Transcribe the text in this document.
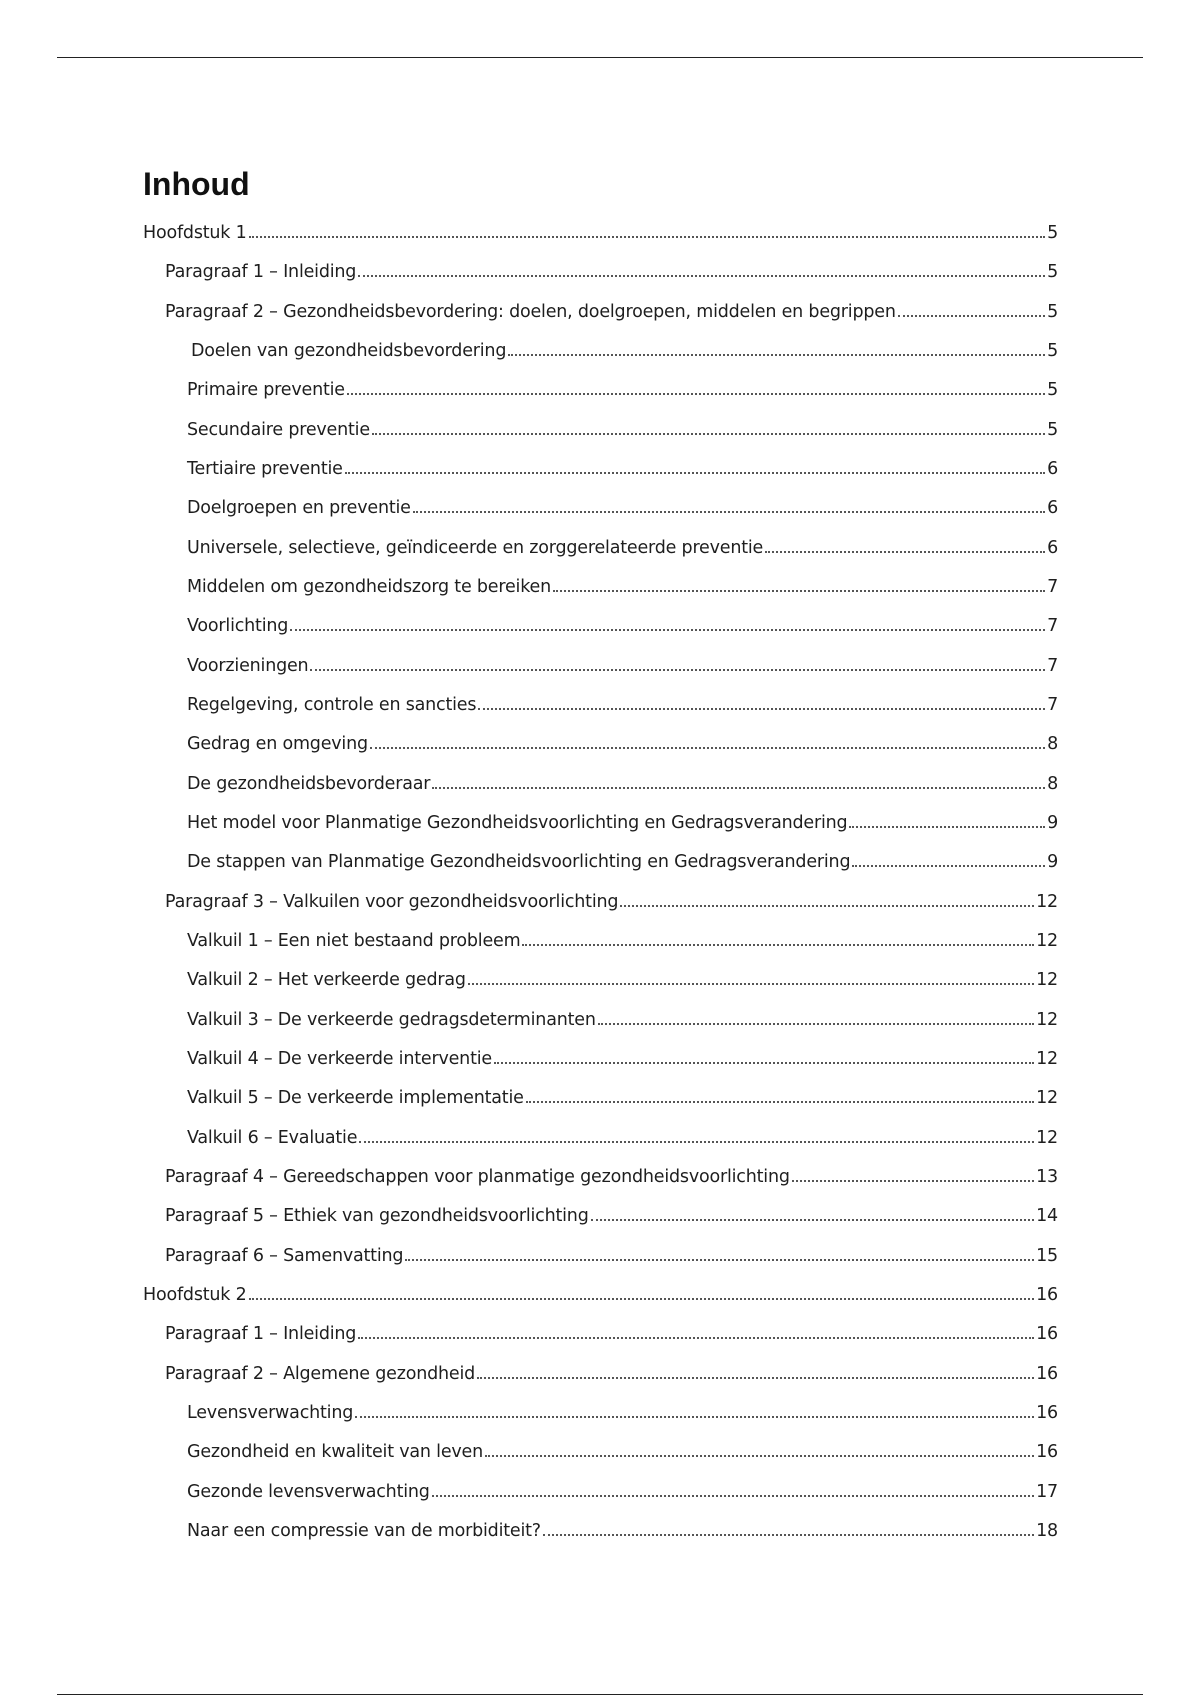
Inhoud
Hoofdstuk 1	5
Paragraaf 1 – Inleiding	5
Paragraaf 2 – Gezondheidsbevordering: doelen, doelgroepen, middelen en begrippen	5
Doelen van gezondheidsbevordering	5
Primaire preventie	5
Secundaire preventie	5
Tertiaire preventie	6
Doelgroepen en preventie	6
Universele, selectieve, geïndiceerde en zorggerelateerde preventie	6
Middelen om gezondheidszorg te bereiken	7
Voorlichting	7
Voorzieningen	7
Regelgeving, controle en sancties	7
Gedrag en omgeving	8
De gezondheidsbevorderaar	8
Het model voor Planmatige Gezondheidsvoorlichting en Gedragsverandering	9
De stappen van Planmatige Gezondheidsvoorlichting en Gedragsverandering	9
Paragraaf 3 – Valkuilen voor gezondheidsvoorlichting	12
Valkuil 1 – Een niet bestaand probleem	12
Valkuil 2 – Het verkeerde gedrag	12
Valkuil 3 – De verkeerde gedragsdeterminanten	12
Valkuil 4 – De verkeerde interventie	12
Valkuil 5 – De verkeerde implementatie	12
Valkuil 6 – Evaluatie	12
Paragraaf 4 – Gereedschappen voor planmatige gezondheidsvoorlichting	13
Paragraaf 5 – Ethiek van gezondheidsvoorlichting	14
Paragraaf 6 – Samenvatting	15
Hoofdstuk 2	16
Paragraaf 1 – Inleiding	16
Paragraaf 2 – Algemene gezondheid	16
Levensverwachting	16
Gezondheid en kwaliteit van leven	16
Gezonde levensverwachting	17
Naar een compressie van de morbiditeit?	18
